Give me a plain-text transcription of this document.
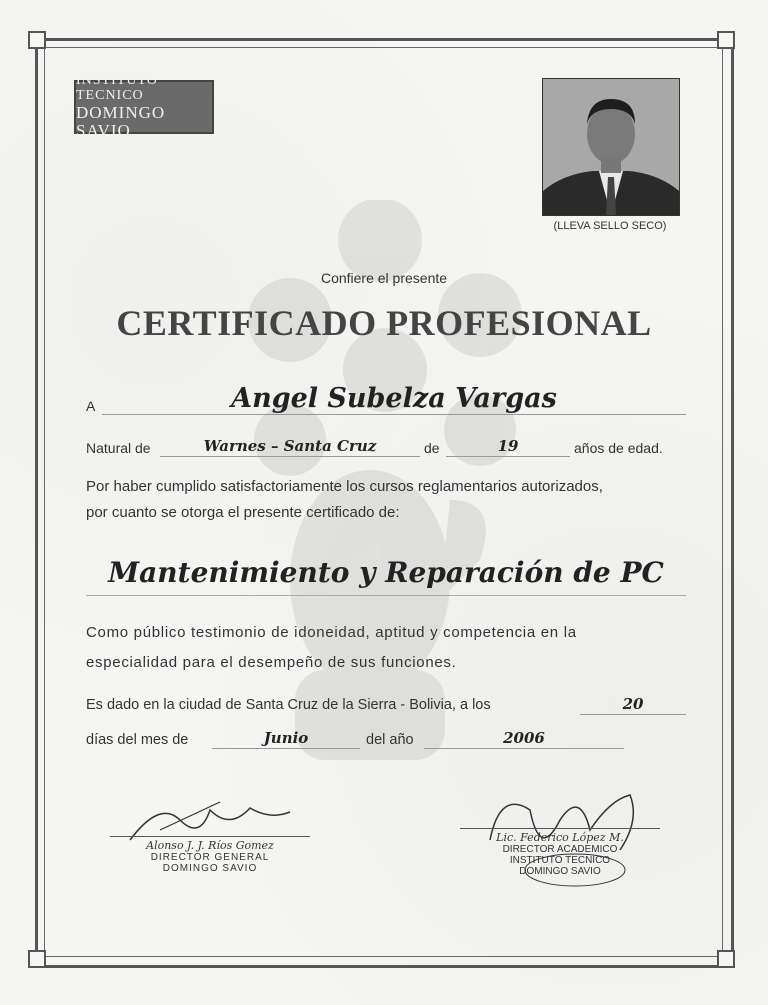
INSTITUTO TECNICO
DOMINGO SAVIO
(LLEVA SELLO SECO)
Confiere el presente
CERTIFICADO PROFESIONAL
A	Angel Subelza Vargas
Natural de	Warnes – Santa Cruz	de	19	años de edad.
Por haber cumplido satisfactoriamente los cursos reglamentarios autorizados,
por cuanto se otorga el presente certificado de:
Mantenimiento y Reparación de PC
Como público testimonio de idoneidad, aptitud y competencia en la
especialidad para el desempeño de sus funciones.
Es dado en la ciudad de Santa Cruz de la Sierra - Bolivia, a los	20
días del mes de	Junio	del año	2006
Alonso J. J. Ríos Gomez
DIRECTOR GENERAL
DOMINGO SAVIO
Lic. Federico López M.
DIRECTOR ACADEMICO
INSTITUTO TECNICO
DOMINGO SAVIO
